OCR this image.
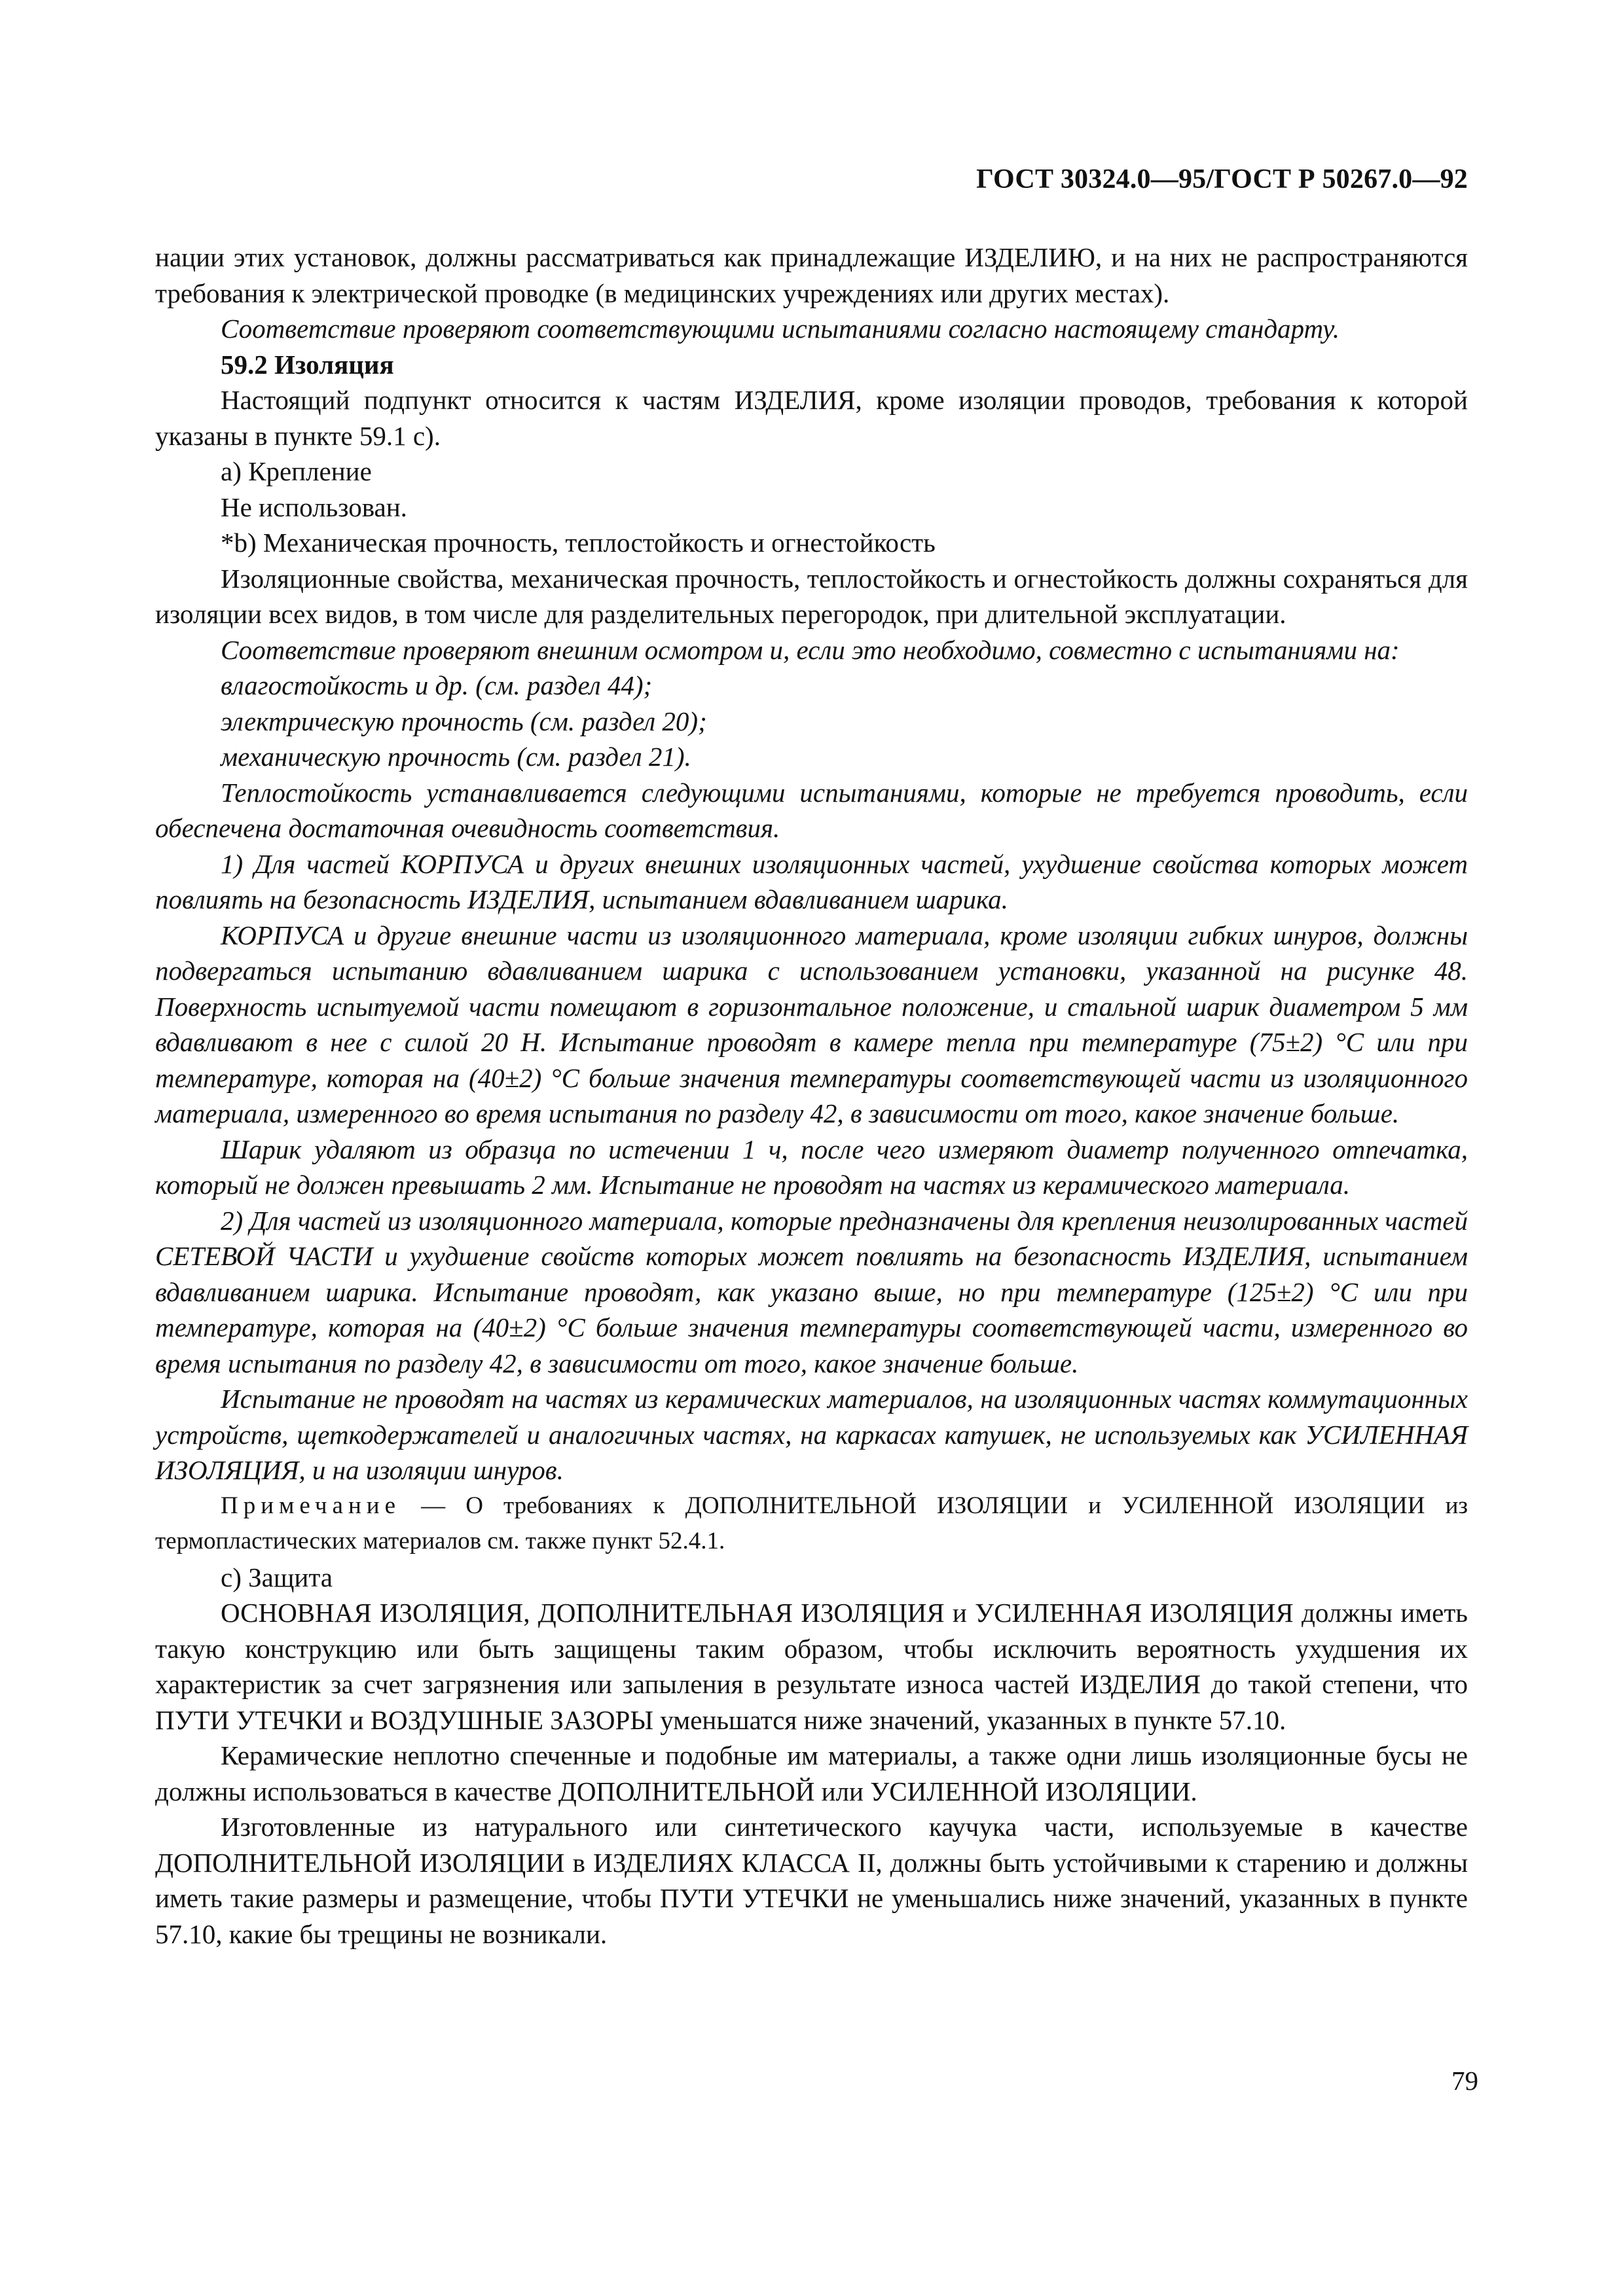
ГОСТ 30324.0—95/ГОСТ Р 50267.0—92

нации этих установок, должны рассматриваться как принадлежащие ИЗДЕЛИЮ, и на них не распространяются требования к электрической проводке (в медицинских учреждениях или других местах).

Соответствие проверяют соответствующими испытаниями согласно настоящему стандарту.

59.2 Изоляция

Настоящий подпункт относится к частям ИЗДЕЛИЯ, кроме изоляции проводов, требования к которой указаны в пункте 59.1 с).

а) Крепление

Не использован.

*b) Механическая прочность, теплостойкость и огнестойкость

Изоляционные свойства, механическая прочность, теплостойкость и огнестойкость должны сохраняться для изоляции всех видов, в том числе для разделительных перегородок, при длительной эксплуатации.

Соответствие проверяют внешним осмотром и, если это необходимо, совместно с испытаниями на:

влагостойкость и др. (см. раздел 44);

электрическую прочность (см. раздел 20);

механическую прочность (см. раздел 21).

Теплостойкость устанавливается следующими испытаниями, которые не требуется проводить, если обеспечена достаточная очевидность соответствия.

1) Для частей КОРПУСА и других внешних изоляционных частей, ухудшение свойства которых может повлиять на безопасность ИЗДЕЛИЯ, испытанием вдавливанием шарика.

КОРПУСА и другие внешние части из изоляционного материала, кроме изоляции гибких шнуров, должны подвергаться испытанию вдавливанием шарика с использованием установки, указанной на рисунке 48. Поверхность испытуемой части помещают в горизонтальное положение, и стальной шарик диаметром 5 мм вдавливают в нее с силой 20 Н. Испытание проводят в камере тепла при температуре (75±2) °С или при температуре, которая на (40±2) °С больше значения температуры соответствующей части из изоляционного материала, измеренного во время испытания по разделу 42, в зависимости от того, какое значение больше.

Шарик удаляют из образца по истечении 1 ч, после чего измеряют диаметр полученного отпечатка, который не должен превышать 2 мм. Испытание не проводят на частях из керамического материала.

2) Для частей из изоляционного материала, которые предназначены для крепления неизолированных частей СЕТЕВОЙ ЧАСТИ и ухудшение свойств которых может повлиять на безопасность ИЗДЕЛИЯ, испытанием вдавливанием шарика. Испытание проводят, как указано выше, но при температуре (125±2) °С или при температуре, которая на (40±2) °С больше значения температуры соответствующей части, измеренного во время испытания по разделу 42, в зависимости от того, какое значение больше.

Испытание не проводят на частях из керамических материалов, на изоляционных частях коммутационных устройств, щеткодержателей и аналогичных частях, на каркасах катушек, не используемых как УСИЛЕННАЯ ИЗОЛЯЦИЯ, и на изоляции шнуров.

Примечание — О требованиях к ДОПОЛНИТЕЛЬНОЙ ИЗОЛЯЦИИ и УСИЛЕННОЙ ИЗОЛЯЦИИ из термопластических материалов см. также пункт 52.4.1.

с) Защита

ОСНОВНАЯ ИЗОЛЯЦИЯ, ДОПОЛНИТЕЛЬНАЯ ИЗОЛЯЦИЯ и УСИЛЕННАЯ ИЗОЛЯЦИЯ должны иметь такую конструкцию или быть защищены таким образом, чтобы исключить вероятность ухудшения их характеристик за счет загрязнения или запыления в результате износа частей ИЗДЕЛИЯ до такой степени, что ПУТИ УТЕЧКИ и ВОЗДУШНЫЕ ЗАЗОРЫ уменьшатся ниже значений, указанных в пункте 57.10.

Керамические неплотно спеченные и подобные им материалы, а также одни лишь изоляционные бусы не должны использоваться в качестве ДОПОЛНИТЕЛЬНОЙ или УСИЛЕННОЙ ИЗОЛЯЦИИ.

Изготовленные из натурального или синтетического каучука части, используемые в качестве ДОПОЛНИТЕЛЬНОЙ ИЗОЛЯЦИИ в ИЗДЕЛИЯХ КЛАССА II, должны быть устойчивыми к старению и должны иметь такие размеры и размещение, чтобы ПУТИ УТЕЧКИ не уменьшались ниже значений, указанных в пункте 57.10, какие бы трещины не возникали.

79
